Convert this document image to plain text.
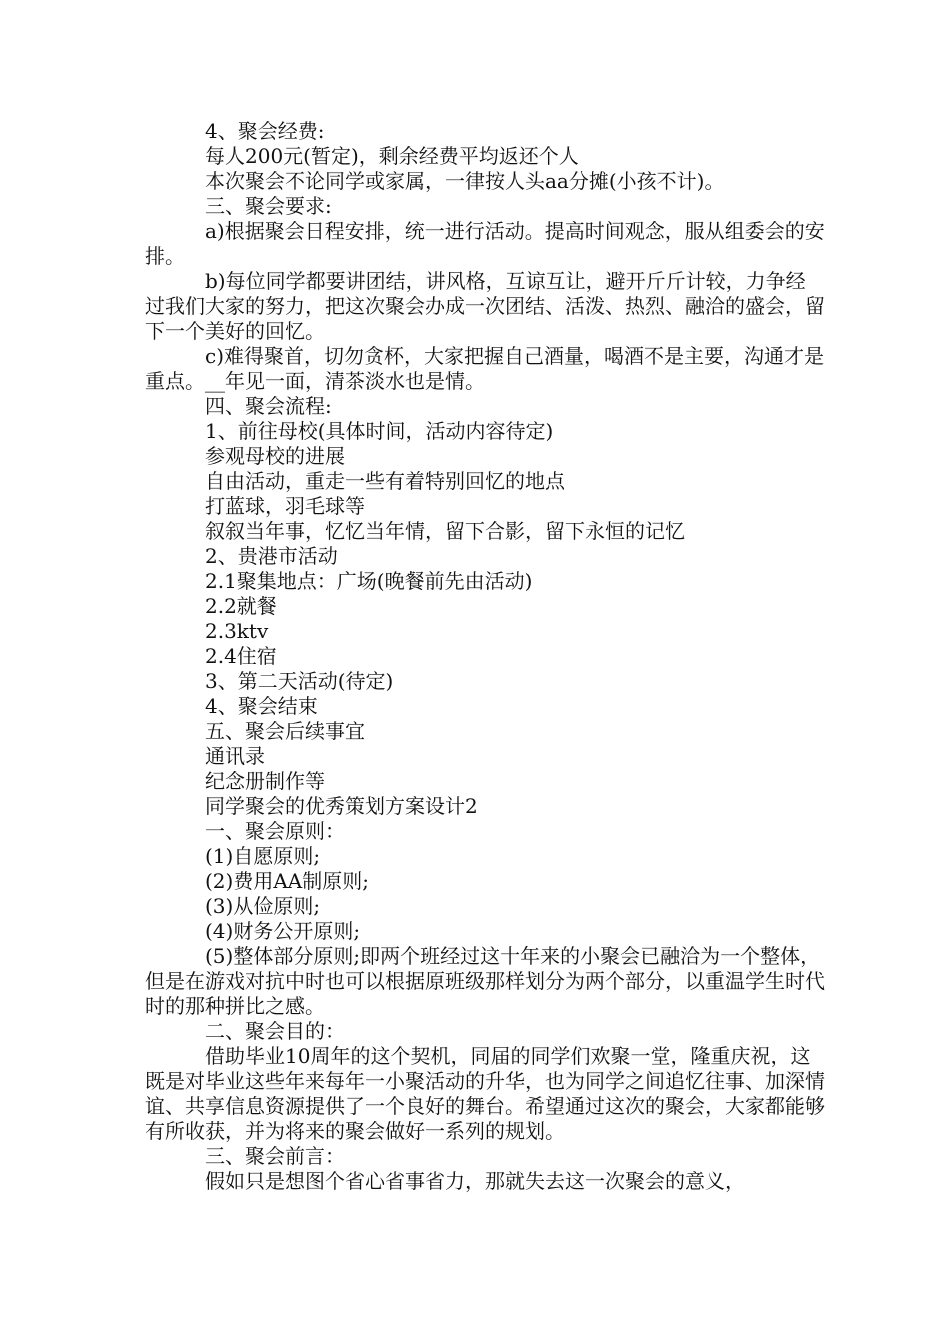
4、聚会经费:

每人200元(暂定)，剩余经费平均返还个人

本次聚会不论同学或家属，一律按人头aa分摊(小孩不计)。

三、聚会要求:

a)根据聚会日程安排，统一进行活动。提高时间观念，服从组委会的安排。

b)每位同学都要讲团结，讲风格，互谅互让，避开斤斤计较，力争经过我们大家的努力，把这次聚会办成一次团结、活泼、热烈、融洽的盛会，留下一个美好的回忆。

c)难得聚首，切勿贪杯，大家把握自己酒量，喝酒不是主要，沟通才是重点。__年见一面，清茶淡水也是情。

四、聚会流程:

1、前往母校(具体时间，活动内容待定)

参观母校的进展

自由活动，重走一些有着特别回忆的地点

打蓝球，羽毛球等

叙叙当年事，忆忆当年情，留下合影，留下永恒的记忆

2、贵港市活动

2.1聚集地点：广场(晚餐前先由活动)

2.2就餐

2.3ktv

2.4住宿

3、第二天活动(待定)

4、聚会结束

五、聚会后续事宜

通讯录

纪念册制作等

同学聚会的优秀策划方案设计2

一、聚会原则：

(1)自愿原则;

(2)费用AA制原则;

(3)从俭原则;

(4)财务公开原则;

(5)整体部分原则;即两个班经过这十年来的小聚会已融洽为一个整体，但是在游戏对抗中时也可以根据原班级那样划分为两个部分，以重温学生时代时的那种拼比之感。

二、聚会目的：

借助毕业10周年的这个契机，同届的同学们欢聚一堂，隆重庆祝，这既是对毕业这些年来每年一小聚活动的升华，也为同学之间追忆往事、加深情谊、共享信息资源提供了一个良好的舞台。希望通过这次的聚会，大家都能够有所收获，并为将来的聚会做好一系列的规划。

三、聚会前言：

假如只是想图个省心省事省力，那就失去这一次聚会的意义，
